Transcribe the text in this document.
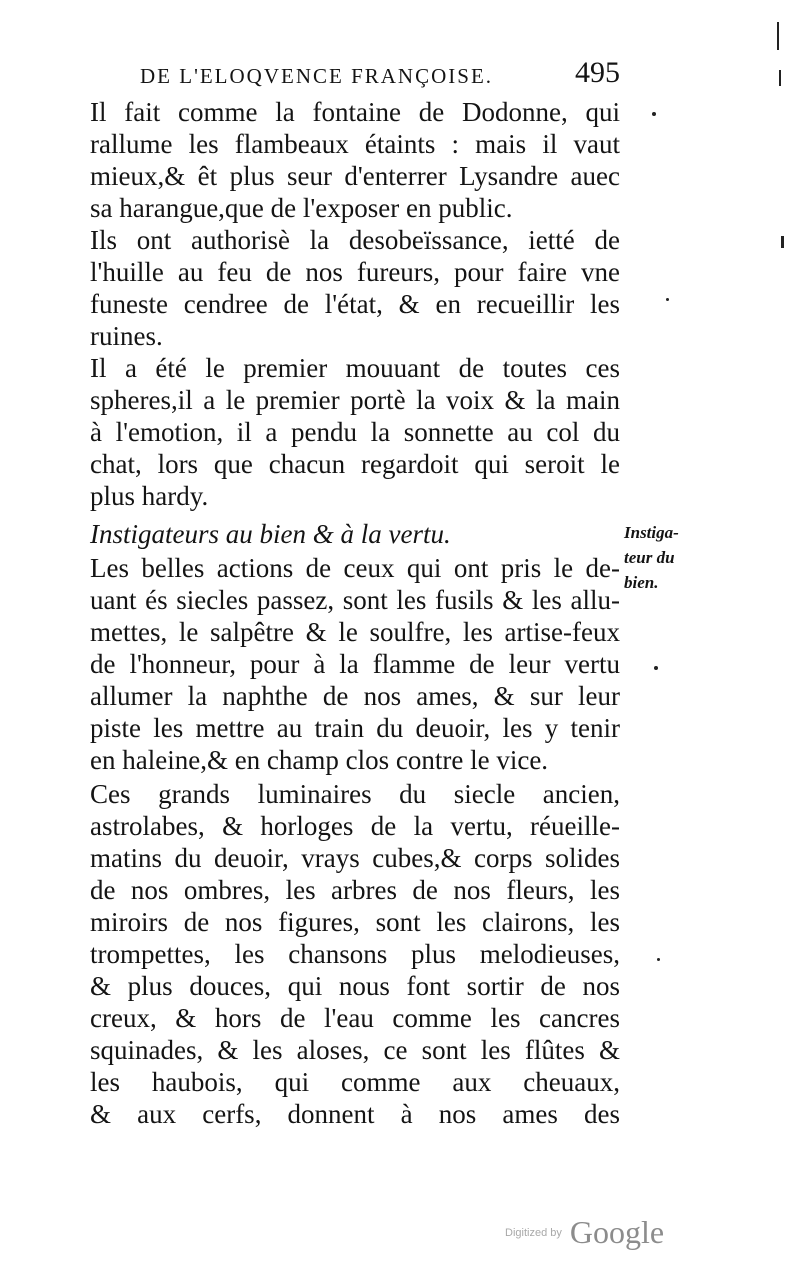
DE L'ELOQVENCE FRANÇOISE.	495
Il fait comme la fontaine de Dodonne, qui
rallume les flambeaux étaints : mais il vaut
mieux,& êt plus seur d'enterrer Lysandre auec
sa harangue,que de l'exposer en public.
Ils ont authorisè la desobeïssance, ietté de
l'huille au feu de nos fureurs, pour faire vne
funeste cendree de l'état, & en recueillir les
ruines.
Il a été le premier mouuant de toutes ces
spheres,il a le premier portè la voix & la main
à l'emotion, il a pendu la sonnette au col du
chat, lors que chacun regardoit qui seroit le
plus hardy.
Instigateurs au bien & à la vertu.
Les belles actions de ceux qui ont pris le de-
uant és siecles passez, sont les fusils & les allu-
mettes, le salpêtre & le soulfre, les artise-feux
de l'honneur, pour à la flamme de leur vertu
allumer la naphthe de nos ames, & sur leur
piste les mettre au train du deuoir, les y tenir
en haleine,& en champ clos contre le vice.
Ces grands luminaires du siecle ancien,
astrolabes, & horloges de la vertu, réueille-
matins du deuoir, vrays cubes,& corps solides
de nos ombres, les arbres de nos fleurs, les
miroirs de nos figures, sont les clairons, les
trompettes, les chansons plus melodieuses,
& plus douces, qui nous font sortir de nos
creux, & hors de l'eau comme les cancres
squinades, & les aloses, ce sont les flûtes &
les haubois, qui comme aux cheuaux,
& aux cerfs, donnent à nos ames des
Instiga-
teur du
bien.
Digitized by Google
